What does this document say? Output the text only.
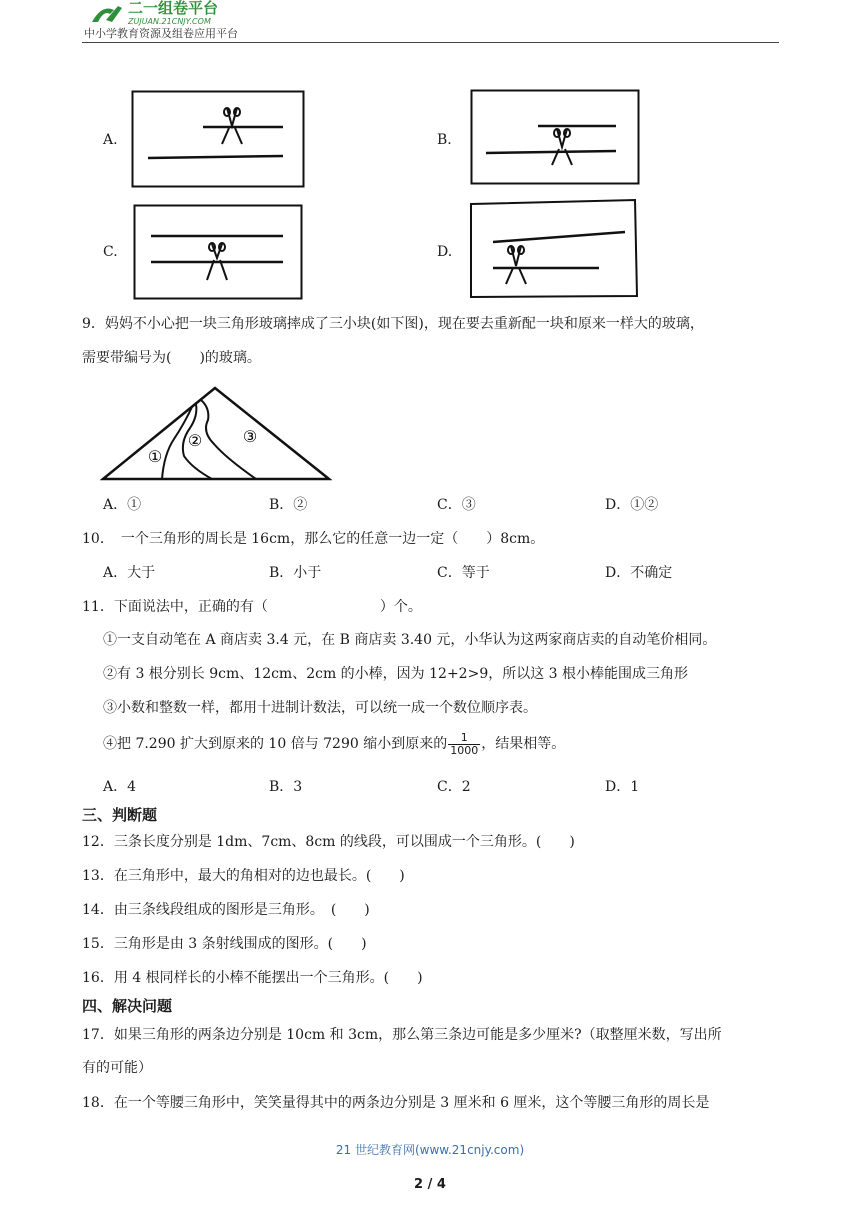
二一组卷平台
ZUJUAN.21CNJY.COM
中小学教育资源及组卷应用平台
A.	B.
C.	D.
9．妈妈不小心把一块三角形玻璃摔成了三小块(如下图)，现在要去重新配一块和原来一样大的玻璃，
需要带编号为(　　)的玻璃。
①
②	③
A．①	B．②	C．③	D．①②
10．　一个三角形的周长是 16cm，那么它的任意一边一定（　　）8cm。
A．大于	B．小于	C．等于	D．不确定
11．下面说法中，正确的有（　　　　　　　　）个。
①一支自动笔在 A 商店卖 3.4 元，在 B 商店卖 3.40 元，小华认为这两家商店卖的自动笔价相同。
②有 3 根分别长 9cm、12cm、2cm 的小棒，因为 12+2>9，所以这 3 根小棒能围成三角形
③小数和整数一样，都用十进制计数法，可以统一成一个数位顺序表。
④把 7.290 扩大到原来的 10 倍与 7290 缩小到原来的 $\frac{1}{1000}$ ，结果相等。
A．4	B．3	C．2	D．1
三、判断题
12．三条长度分别是 1dm、7cm、8cm 的线段，可以围成一个三角形。(　　)
13．在三角形中，最大的角相对的边也最长。(　　)
14．由三条线段组成的图形是三角形。　(　　)
15．三角形是由 3 条射线围成的图形。(　　)
16．用 4 根同样长的小棒不能摆出一个三角形。(　　)
四、解决问题
17．如果三角形的两条边分别是 10cm 和 3cm，那么第三条边可能是多少厘米?（取整厘米数，写出所
有的可能）
18．在一个等腰三角形中，笑笑量得其中的两条边分别是 3 厘米和 6 厘米，这个等腰三角形的周长是
21 世纪教育网(www.21cnjy.com)
2 / 4
